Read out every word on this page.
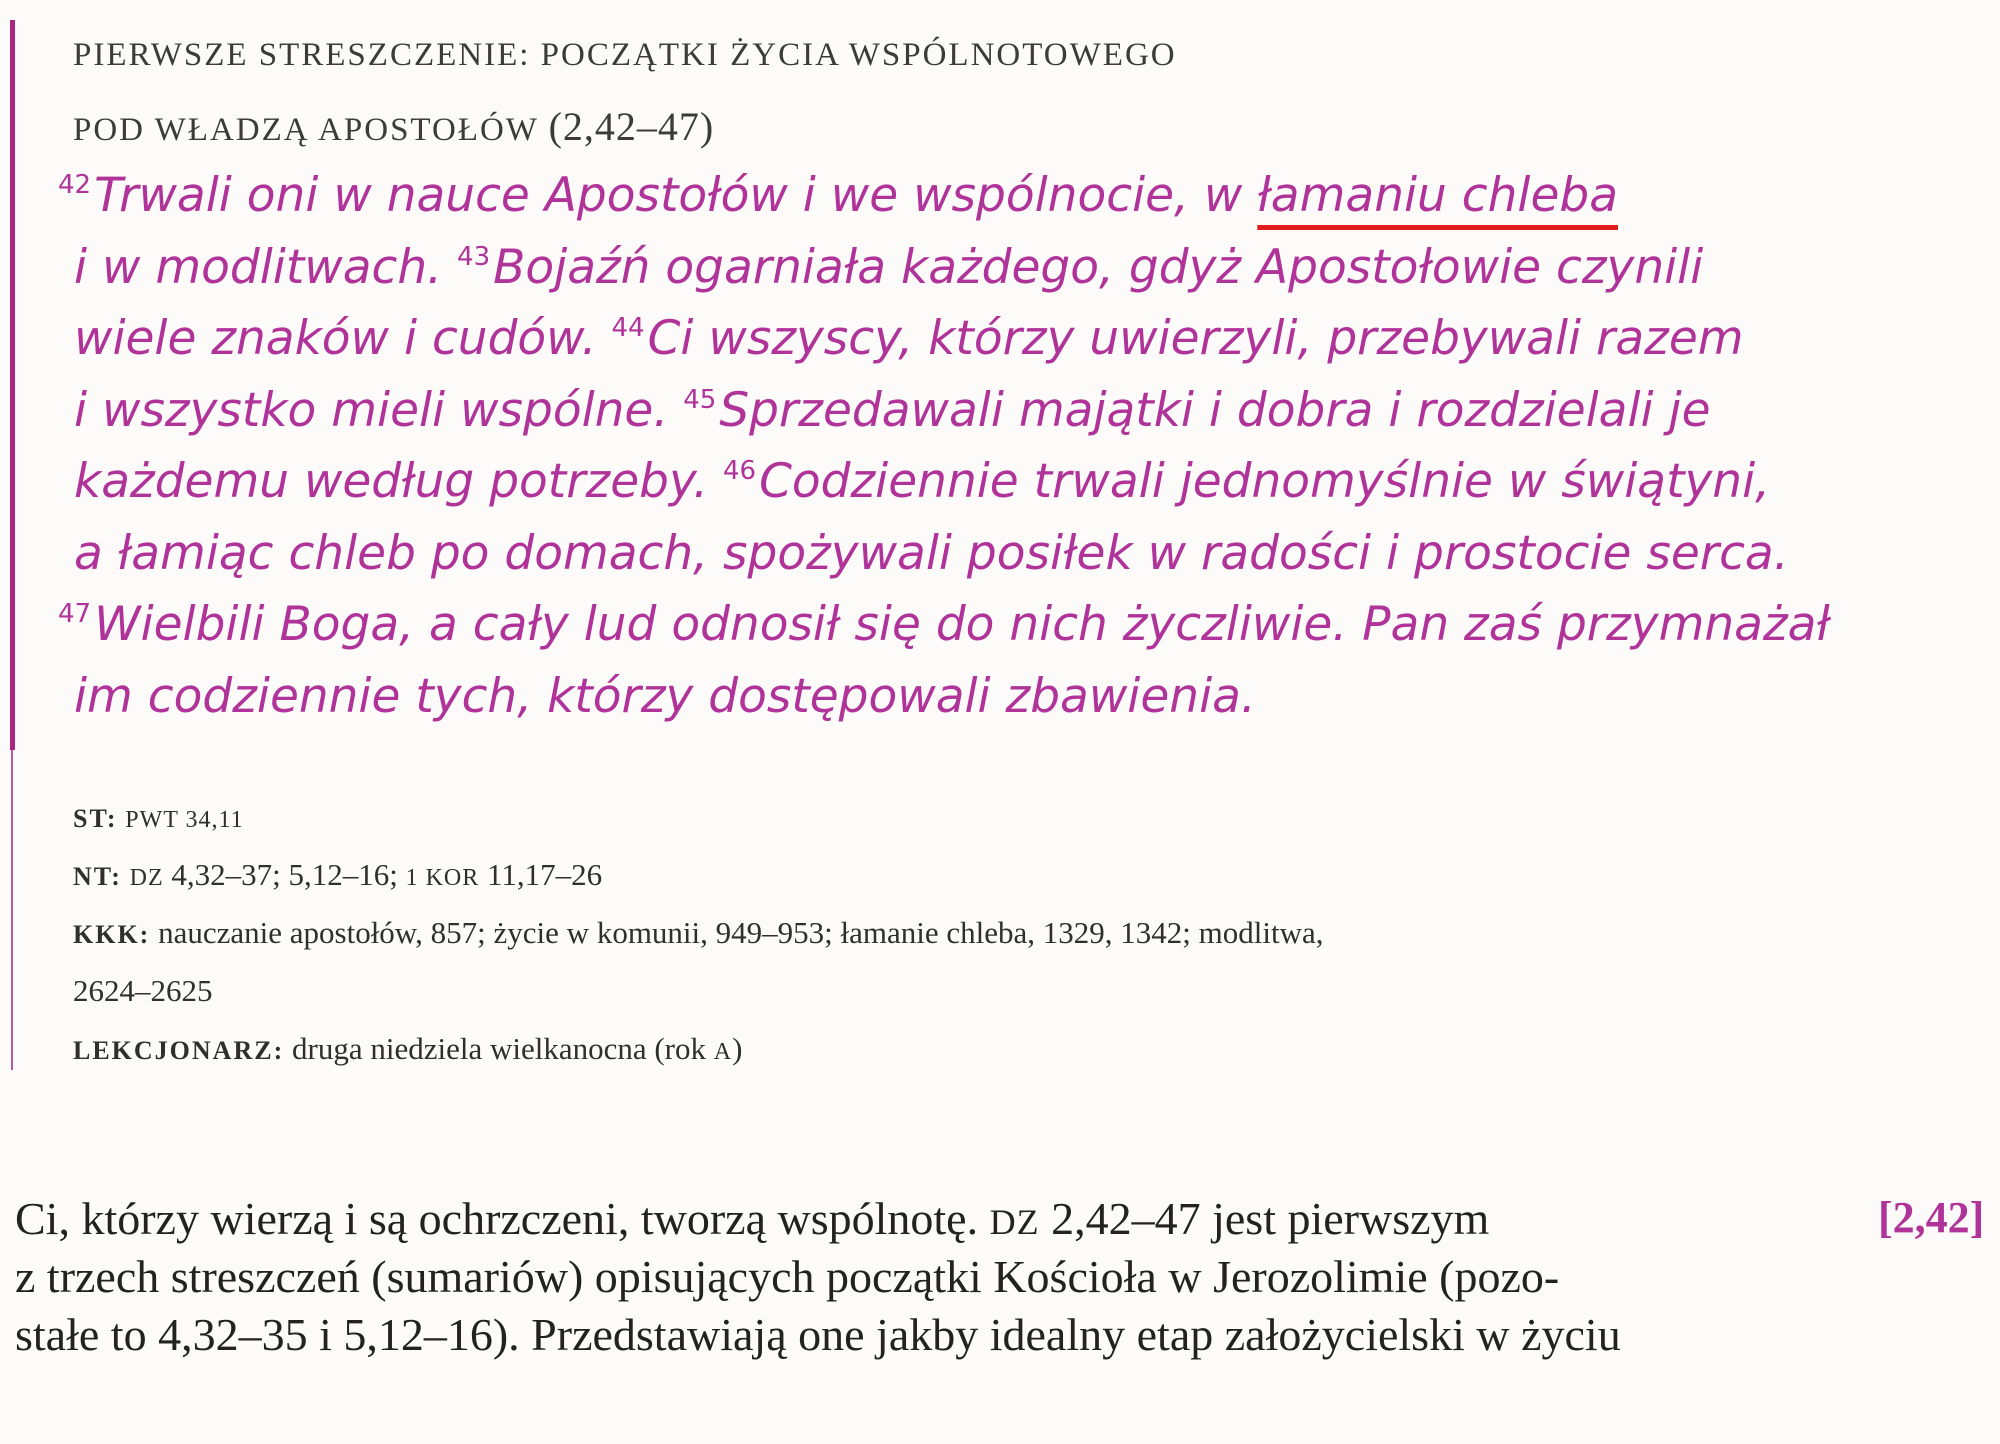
PIERWSZE STRESZCZENIE: POCZĄTKI ŻYCIA WSPÓLNOTOWEGO
POD WŁADZĄ APOSTOŁÓW (2,42–47)
$^{42}$Trwali oni w nauce Apostołów i we wspólnocie, w łamaniu chleba
i w modlitwach. $^{43}$Bojaźń ogarniała każdego, gdyż Apostołowie czynili
wiele znaków i cudów. $^{44}$Ci wszyscy, którzy uwierzyli, przebywali razem
i wszystko mieli wspólne. $^{45}$Sprzedawali majątki i dobra i rozdzielali je
każdemu według potrzeby. $^{46}$Codziennie trwali jednomyślnie w świątyni,
a łamiąc chleb po domach, spożywali posiłek w radości i prostocie serca.
$^{47}$Wielbili Boga, a cały lud odnosił się do nich życzliwie. Pan zaś przymnażał
im codziennie tych, którzy dostępowali zbawienia.
ST: PWT 34,11
NT: DZ 4,32–37; 5,12–16; 1 KOR 11,17–26
KKK: nauczanie apostołów, 857; życie w komunii, 949–953; łamanie chleba, 1329, 1342; modlitwa,
2624–2625
LEKCJONARZ: druga niedziela wielkanocna (rok A)
Ci, którzy wierzą i są ochrzczeni, tworzą wspólnotę. DZ 2,42–47 jest pierwszym
z trzech streszczeń (sumariów) opisujących początki Kościoła w Jerozolimie (pozo-
stałe to 4,32–35 i 5,12–16). Przedstawiają one jakby idealny etap założycielski w życiu
[2,42]
